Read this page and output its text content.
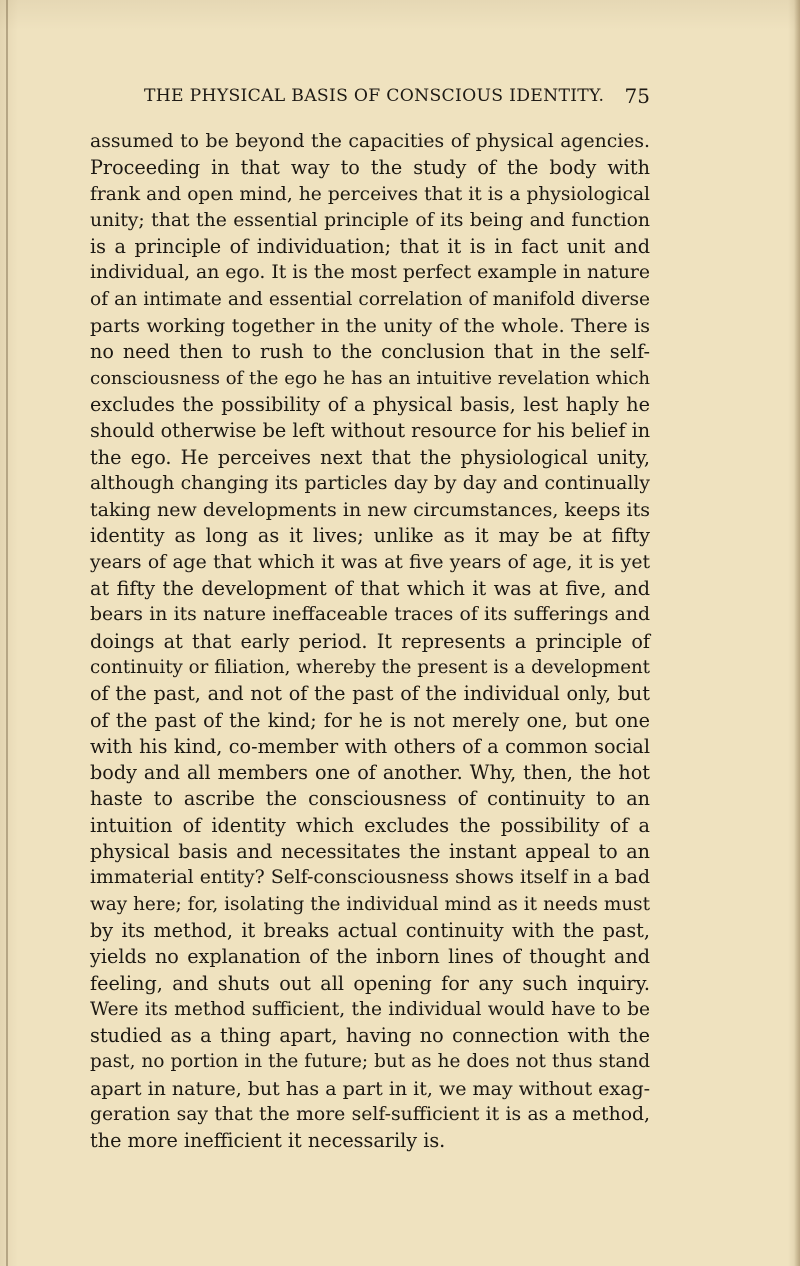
THE PHYSICAL BASIS OF CONSCIOUS IDENTITY. 75
assumed to be beyond the capacities of physical agencies.
Proceeding in that way to the study of the body with
frank and open mind, he perceives that it is a physiological
unity; that the essential principle of its being and function
is a principle of individuation; that it is in fact unit and
individual, an ego. It is the most perfect example in nature
of an intimate and essential correlation of manifold diverse
parts working together in the unity of the whole. There is
no need then to rush to the conclusion that in the self-
consciousness of the ego he has an intuitive revelation which
excludes the possibility of a physical basis, lest haply he
should otherwise be left without resource for his belief in
the ego. He perceives next that the physiological unity,
although changing its particles day by day and continually
taking new developments in new circumstances, keeps its
identity as long as it lives; unlike as it may be at fifty
years of age that which it was at five years of age, it is yet
at fifty the development of that which it was at five, and
bears in its nature ineffaceable traces of its sufferings and
doings at that early period. It represents a principle of
continuity or filiation, whereby the present is a development
of the past, and not of the past of the individual only, but
of the past of the kind; for he is not merely one, but one
with his kind, co-member with others of a common social
body and all members one of another. Why, then, the hot
haste to ascribe the consciousness of continuity to an
intuition of identity which excludes the possibility of a
physical basis and necessitates the instant appeal to an
immaterial entity? Self-consciousness shows itself in a bad
way here; for, isolating the individual mind as it needs must
by its method, it breaks actual continuity with the past,
yields no explanation of the inborn lines of thought and
feeling, and shuts out all opening for any such inquiry.
Were its method sufficient, the individual would have to be
studied as a thing apart, having no connection with the
past, no portion in the future; but as he does not thus stand
apart in nature, but has a part in it, we may without exag-
geration say that the more self-sufficient it is as a method,
the more inefficient it necessarily is.
